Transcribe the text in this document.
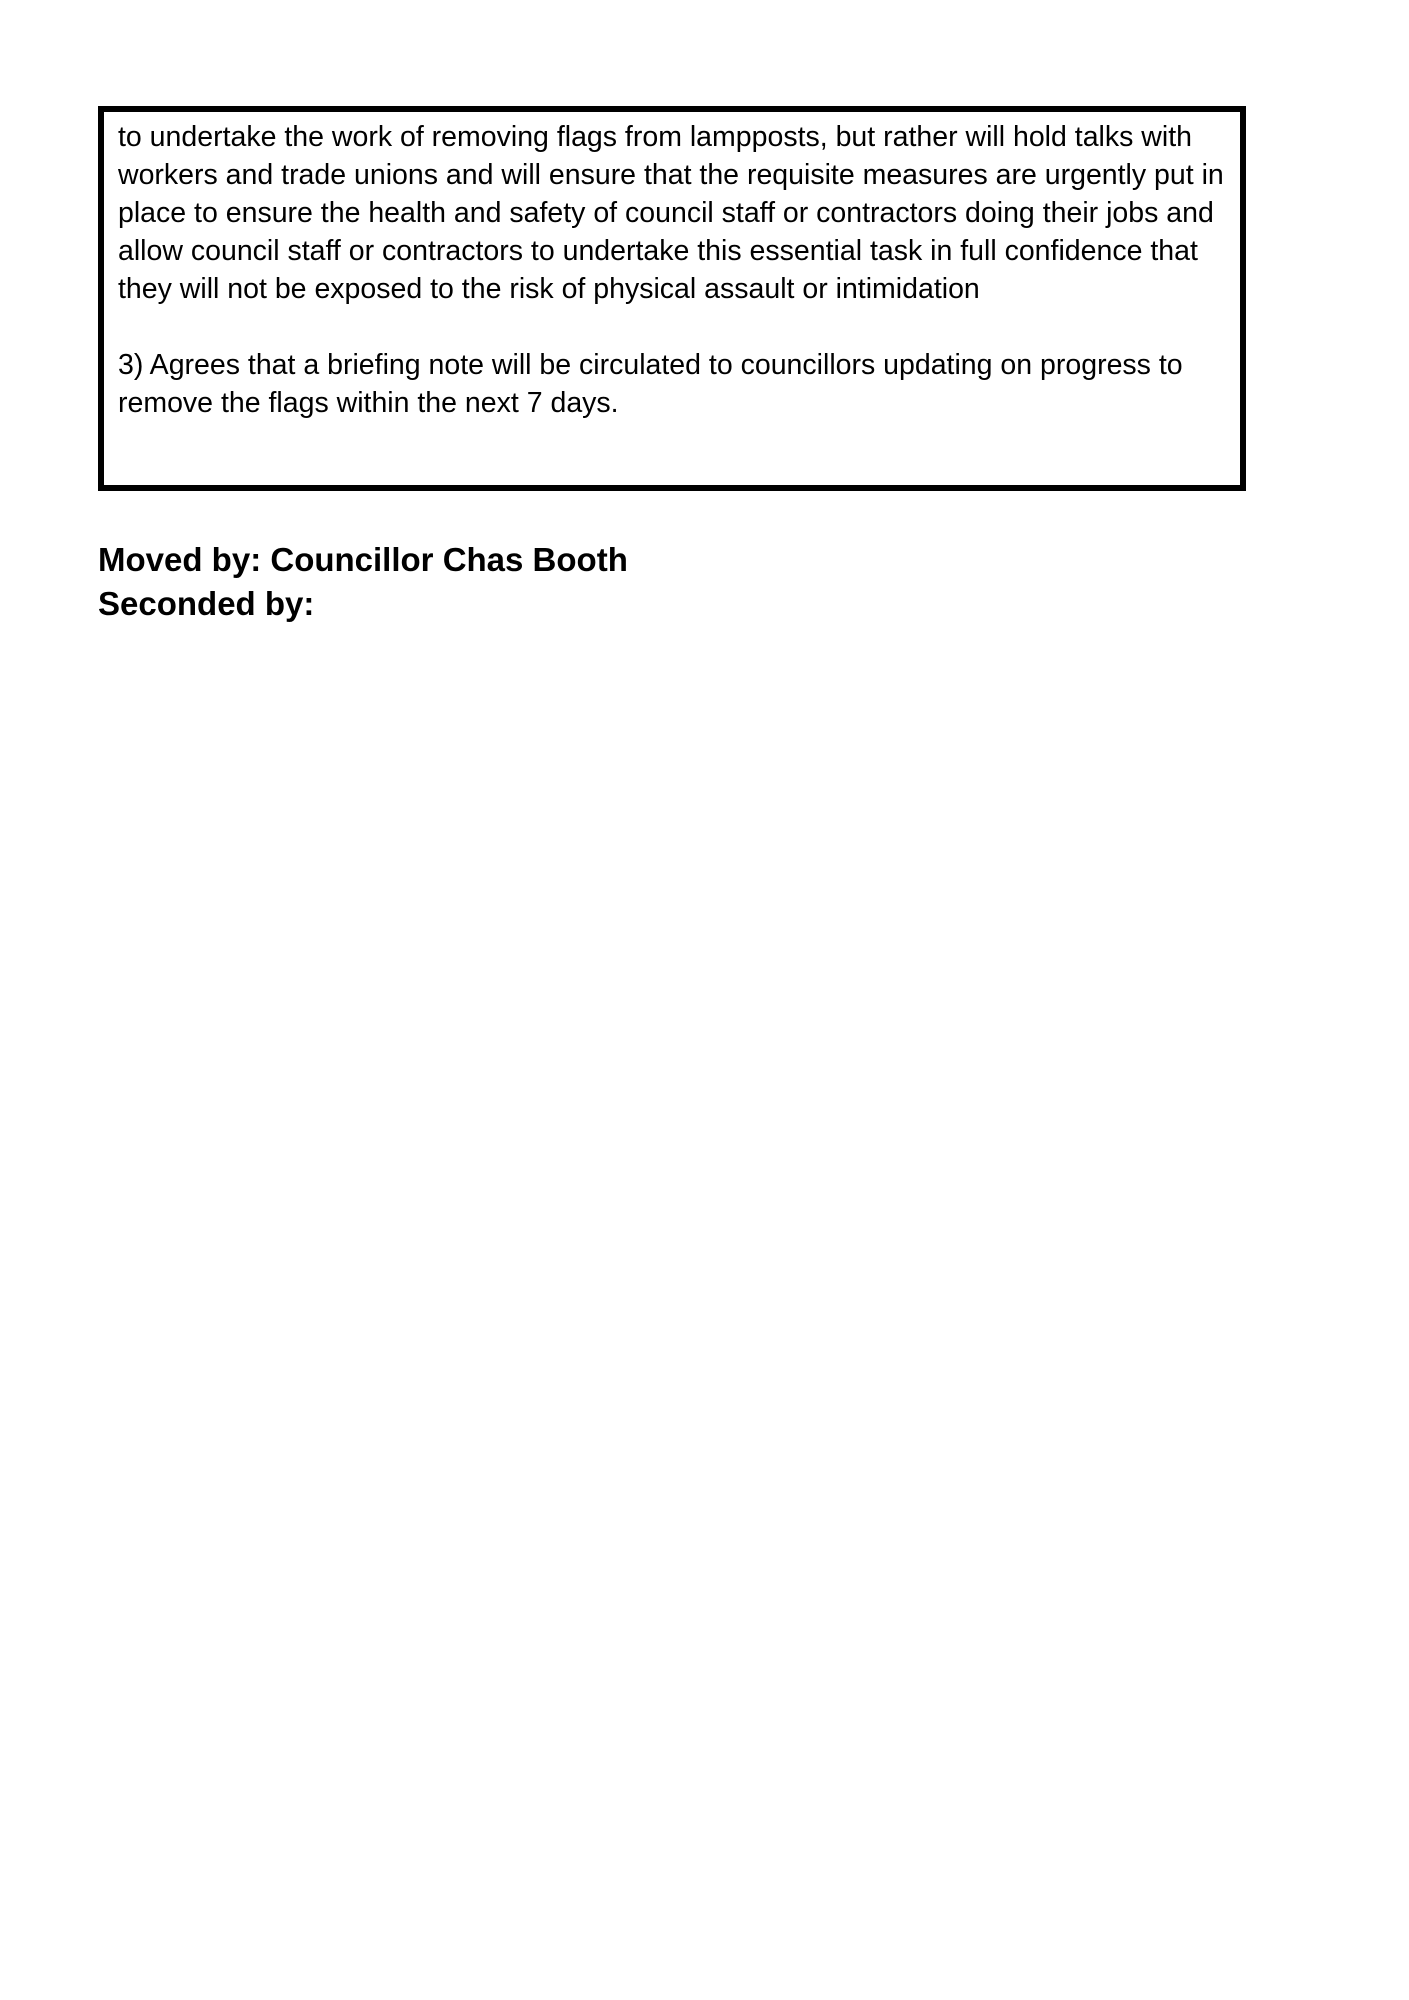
to undertake the work of removing flags from lampposts, but rather will hold talks with workers and trade unions and will ensure that the requisite measures are urgently put in place to ensure the health and safety of council staff or contractors doing their jobs and allow council staff or contractors to undertake this essential task in full confidence that they will not be exposed to the risk of physical assault or intimidation

3) Agrees that a briefing note will be circulated to councillors updating on progress to remove the flags within the next 7 days.

Moved by: Councillor Chas Booth
Seconded by:
